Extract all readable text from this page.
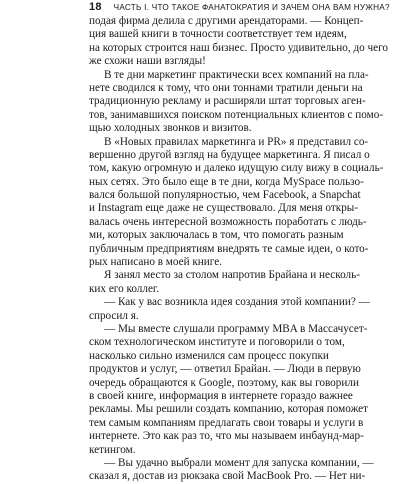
18 ЧАСТЬ I. ЧТО ТАКОЕ ФАНАТОКРАТИЯ И ЗАЧЕМ ОНА ВАМ НУЖНА?
подая фирма делила с другими арендаторами. — Концеп-
ция вашей книги в точности соответствует тем идеям,
на которых строится наш бизнес. Просто удивительно, до чего
же схожи наши взгляды!
В те дни маркетинг практически всех компаний на пла-
нете сводился к тому, что они тоннами тратили деньги на
традиционную рекламу и расширяли штат торговых аген-
тов, занимавшихся поиском потенциальных клиентов с помо-
щью холодных звонков и визитов.
В «Новых правилах маркетинга и PR» я представил со-
вершенно другой взгляд на будущее маркетинга. Я писал о
том, какую огромную и далеко идущую силу вижу в социаль-
ных сетях. Это было еще в те дни, когда MySpace пользо-
вался большой популярностью, чем Facebook, а Snapchat
и Instagram еще даже не существовало. Для меня откры-
валась очень интересной возможность поработать с людь-
ми, которых заключалась в том, что помогать разным
публичным предприятиям внедрять те самые идеи, о кото-
рых написано в моей книге.
Я занял место за столом напротив Брайана и несколь-
ких его коллег.
— Как у вас возникла идея создания этой компании? —
спросил я.
— Мы вместе слушали программу MBA в Массачусет-
ском технологическом институте и поговорили о том,
насколько сильно изменился сам процесс покупки
продуктов и услуг, — ответил Брайан. — Люди в первую
очередь обращаются к Google, поэтому, как вы говорили
в своей книге, информация в интернете гораздо важнее
рекламы. Мы решили создать компанию, которая поможет
тем самым компаниям предлагать свои товары и услуги в
интернете. Это как раз то, что мы называем инбаунд-мар-
кетингом.
— Вы удачно выбрали момент для запуска компании, —
сказал я, достав из рюкзака свой MacBook Pro. — Нет ни-
